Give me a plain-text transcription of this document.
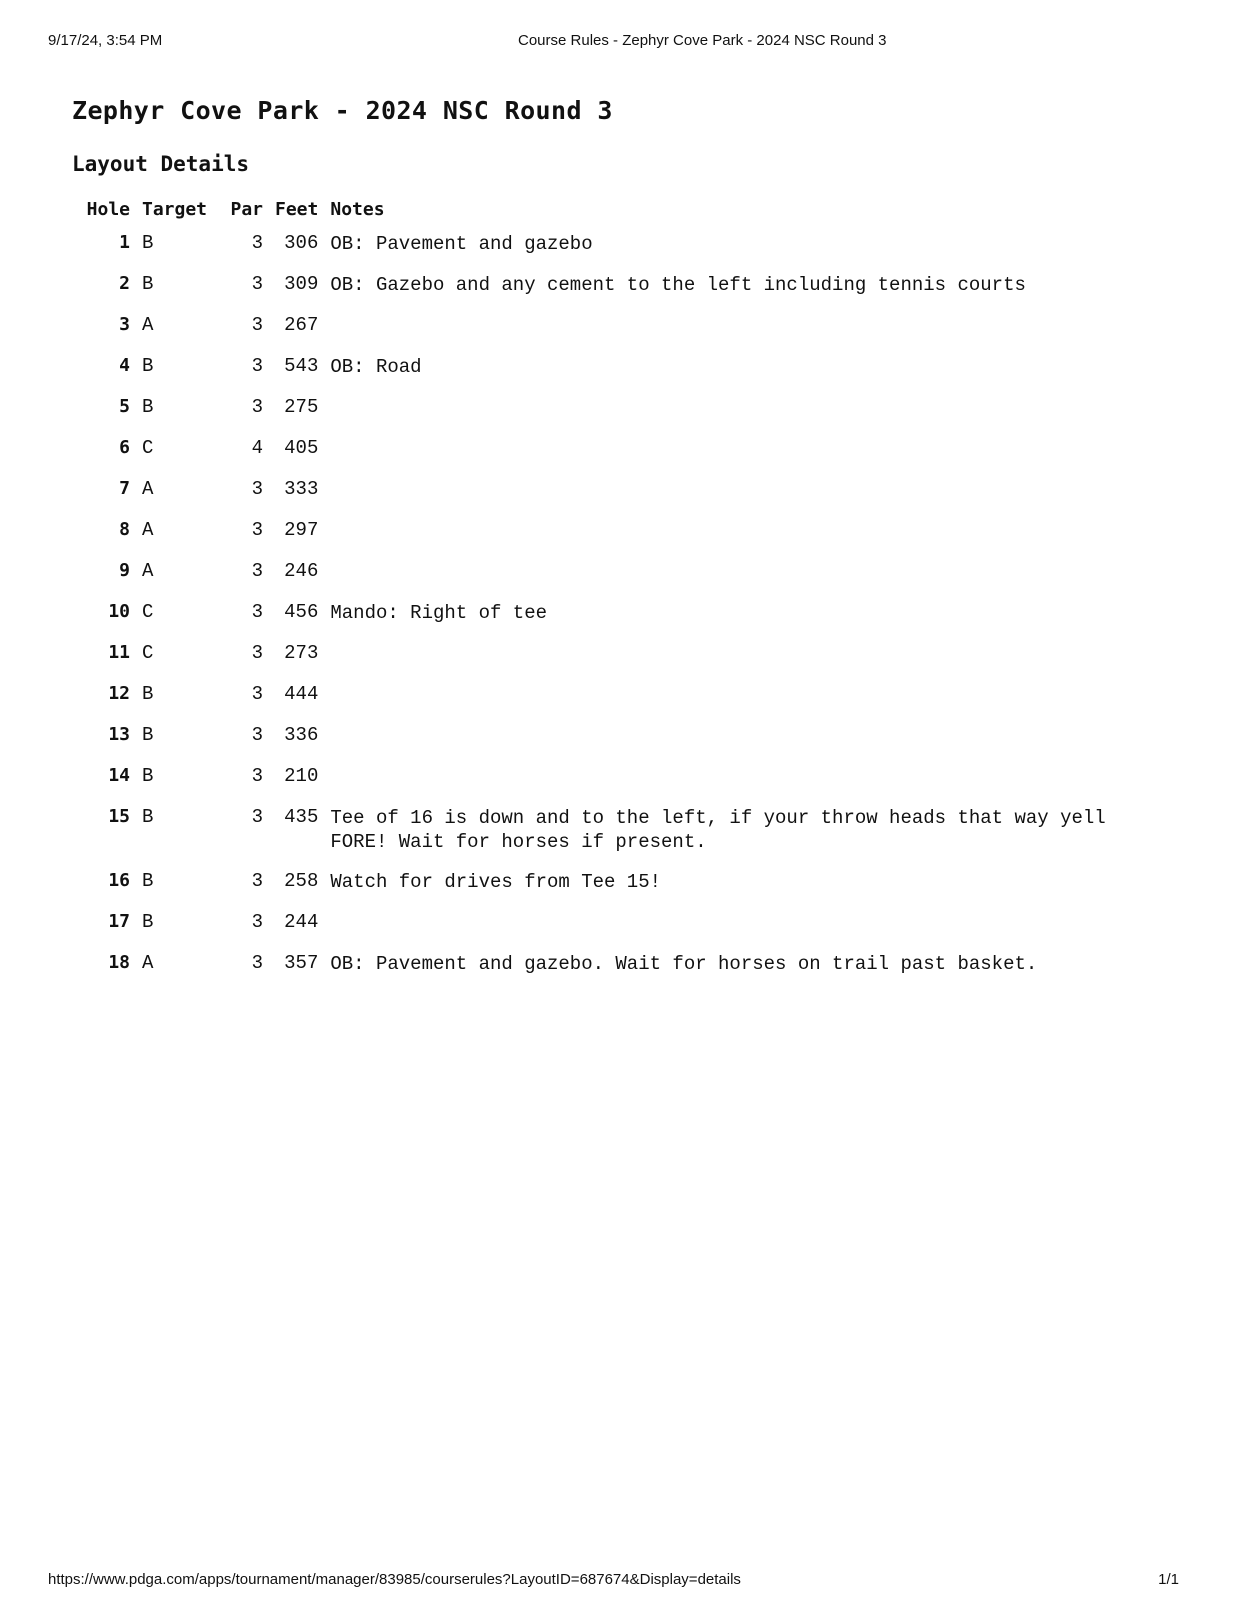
9/17/24, 3:54 PM	Course Rules - Zephyr Cove Park - 2024 NSC Round 3
Zephyr Cove Park - 2024 NSC Round 3
Layout Details
Hole	Target	Par	Feet	Notes
1	B	3	306	OB: Pavement and gazebo
2	B	3	309	OB: Gazebo and any cement to the left including tennis courts
3	A	3	267	
4	B	3	543	OB: Road
5	B	3	275	
6	C	4	405	
7	A	3	333	
8	A	3	297	
9	A	3	246	
10	C	3	456	Mando: Right of tee
11	C	3	273	
12	B	3	444	
13	B	3	336	
14	B	3	210	
15	B	3	435	Tee of 16 is down and to the left, if your throw heads that way yell FORE! Wait for horses if present.
16	B	3	258	Watch for drives from Tee 15!
17	B	3	244	
18	A	3	357	OB: Pavement and gazebo. Wait for horses on trail past basket.
https://www.pdga.com/apps/tournament/manager/83985/courserules?LayoutID=687674&Display=details	1/1
